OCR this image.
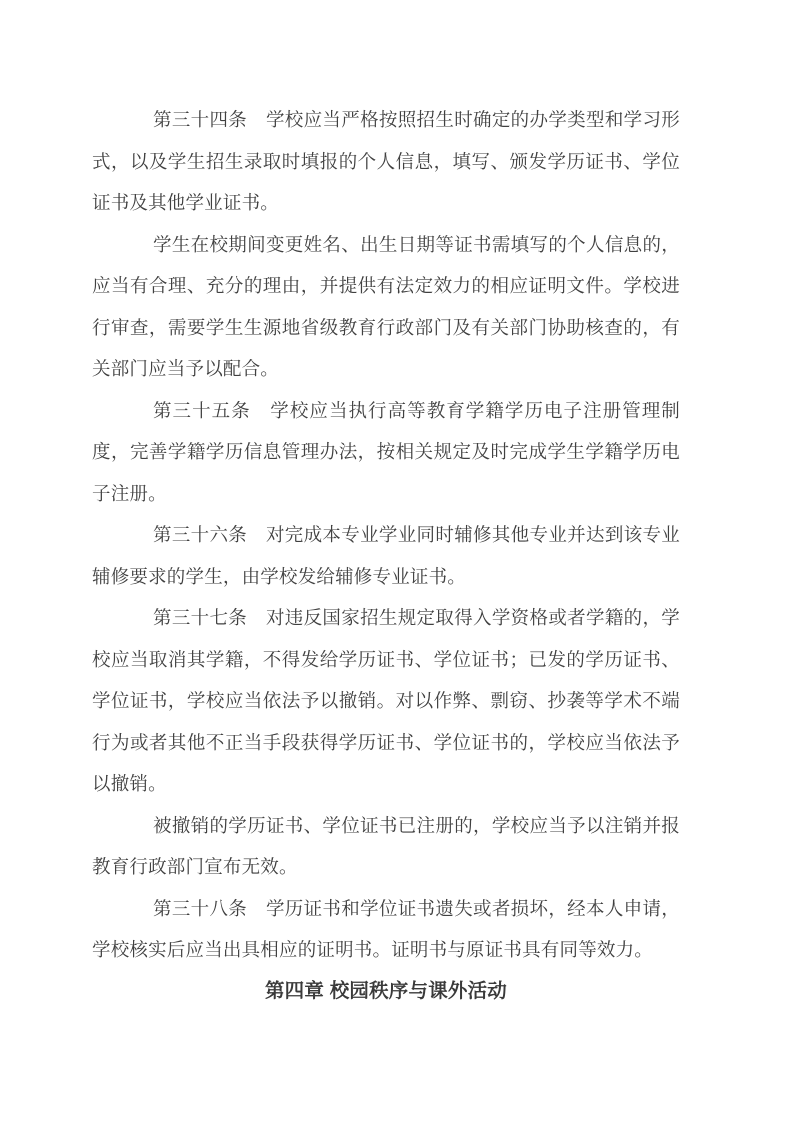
第三十四条　学校应当严格按照招生时确定的办学类型和学习形式，以及学生招生录取时填报的个人信息，填写、颁发学历证书、学位证书及其他学业证书。

学生在校期间变更姓名、出生日期等证书需填写的个人信息的，应当有合理、充分的理由，并提供有法定效力的相应证明文件。学校进行审查，需要学生生源地省级教育行政部门及有关部门协助核查的，有关部门应当予以配合。

第三十五条　学校应当执行高等教育学籍学历电子注册管理制度，完善学籍学历信息管理办法，按相关规定及时完成学生学籍学历电子注册。

第三十六条　对完成本专业学业同时辅修其他专业并达到该专业辅修要求的学生，由学校发给辅修专业证书。

第三十七条　对违反国家招生规定取得入学资格或者学籍的，学校应当取消其学籍，不得发给学历证书、学位证书；已发的学历证书、学位证书，学校应当依法予以撤销。对以作弊、剽窃、抄袭等学术不端行为或者其他不正当手段获得学历证书、学位证书的，学校应当依法予以撤销。

被撤销的学历证书、学位证书已注册的，学校应当予以注销并报教育行政部门宣布无效。

第三十八条　学历证书和学位证书遗失或者损坏，经本人申请，学校核实后应当出具相应的证明书。证明书与原证书具有同等效力。

第四章 校园秩序与课外活动
